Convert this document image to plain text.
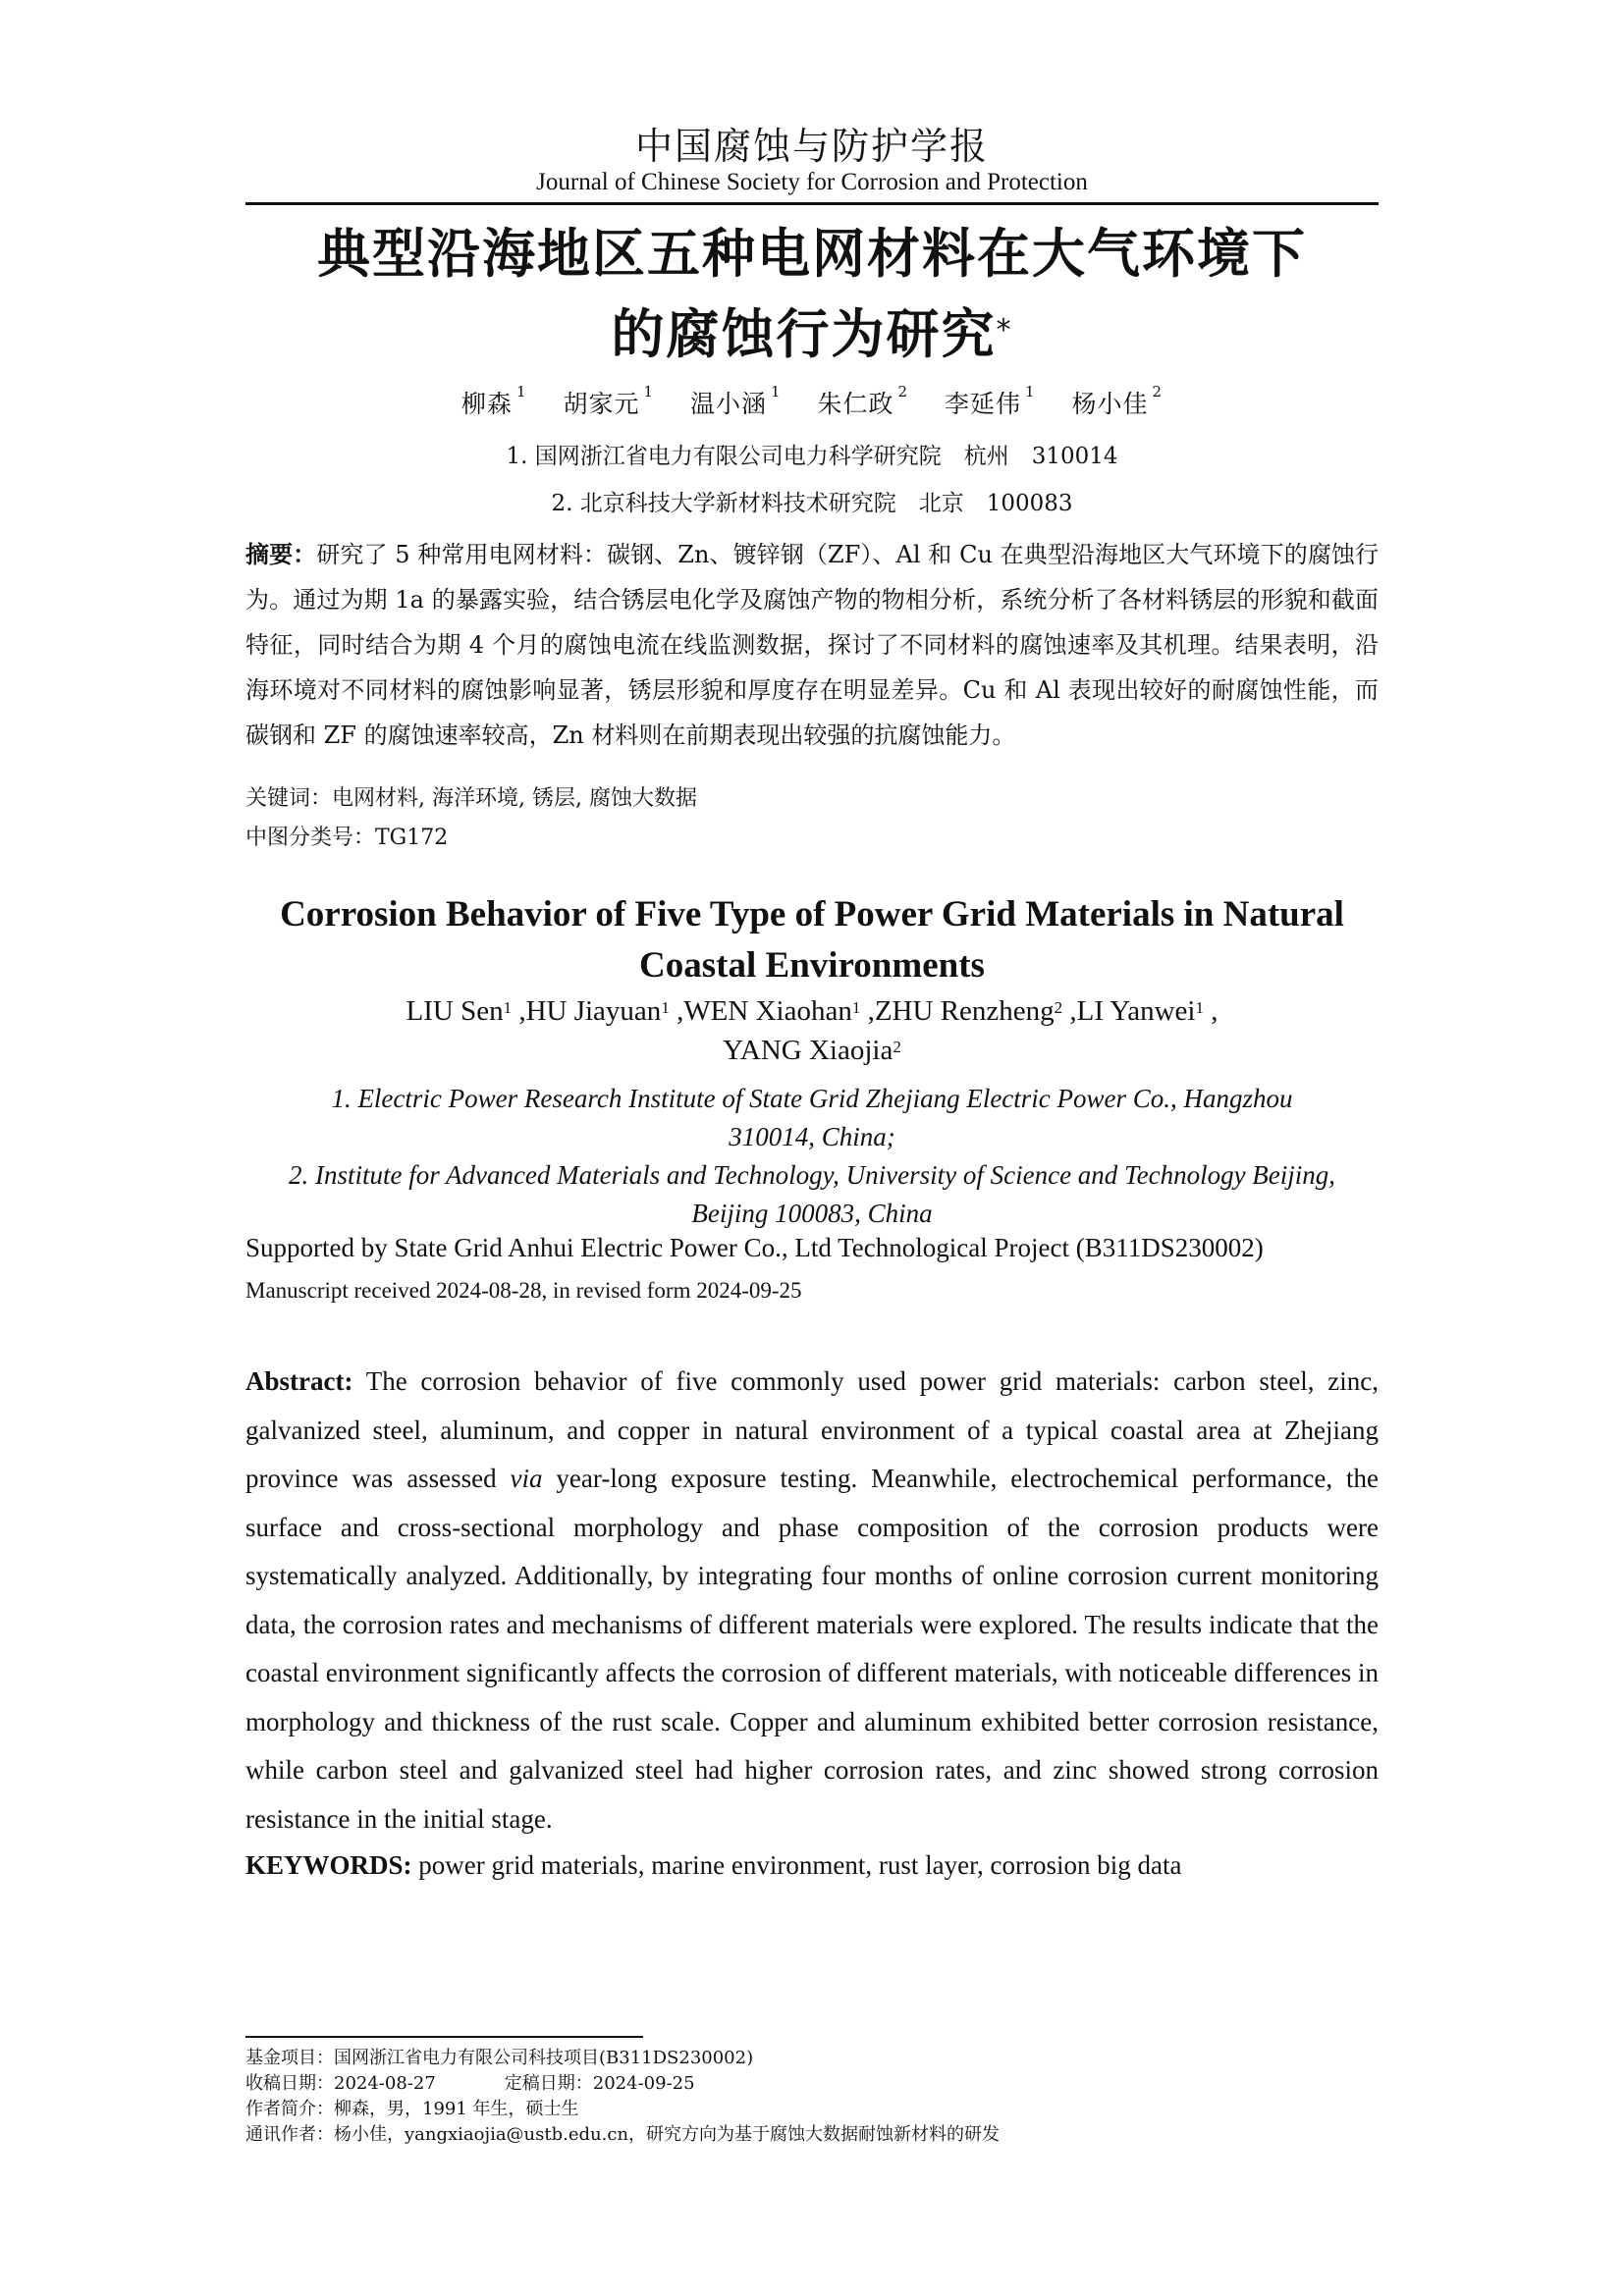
中国腐蚀与防护学报
Journal of Chinese Society for Corrosion and Protection
典型沿海地区五种电网材料在大气环境下
的腐蚀行为研究*
柳森 $^1$ 胡家元 $^1$ 温小涵 $^1$ 朱仁政 $^2$ 李延伟 $^1$ 杨小佳 $^2$
1. 国网浙江省电力有限公司电力科学研究院　杭州　310014
2. 北京科技大学新材料技术研究院　北京　100083
摘要：研究了 5 种常用电网材料：碳钢、Zn、镀锌钢（ZF）、Al 和 Cu 在典型沿海地区大气环境下的腐蚀行为。通过为期 1a 的暴露实验，结合锈层电化学及腐蚀产物的物相分析，系统分析了各材料锈层的形貌和截面特征，同时结合为期 4 个月的腐蚀电流在线监测数据，探讨了不同材料的腐蚀速率及其机理。结果表明，沿海环境对不同材料的腐蚀影响显著，锈层形貌和厚度存在明显差异。Cu 和 Al 表现出较好的耐腐蚀性能，而碳钢和 ZF 的腐蚀速率较高，Zn 材料则在前期表现出较强的抗腐蚀能力。
关键词：电网材料, 海洋环境, 锈层, 腐蚀大数据
中图分类号：TG172
Corrosion Behavior of Five Type of Power Grid Materials in Natural
Coastal Environments
LIU Sen$^1$ ,HU Jiayuan$^1$ ,WEN Xiaohan$^1$ ,ZHU Renzheng$^2$ ,LI Yanwei$^1$ ,
YANG Xiaojia$^2$
1. Electric Power Research Institute of State Grid Zhejiang Electric Power Co., Hangzhou
310014, China;
2. Institute for Advanced Materials and Technology, University of Science and Technology Beijing,
Beijing 100083, China
Supported by State Grid Anhui Electric Power Co., Ltd Technological Project (B311DS230002)
Manuscript received 2024-08-28, in revised form 2024-09-25
Abstract: The corrosion behavior of five commonly used power grid materials: carbon steel, zinc, galvanized steel, aluminum, and copper in natural environment of a typical coastal area at Zhejiang province was assessed via year-long exposure testing. Meanwhile, electrochemical performance, the surface and cross-sectional morphology and phase composition of the corrosion products were systematically analyzed. Additionally, by integrating four months of online corrosion current monitoring data, the corrosion rates and mechanisms of different materials were explored. The results indicate that the coastal environment significantly affects the corrosion of different materials, with noticeable differences in morphology and thickness of the rust scale. Copper and aluminum exhibited better corrosion resistance, while carbon steel and galvanized steel had higher corrosion rates, and zinc showed strong corrosion resistance in the initial stage.
KEYWORDS: power grid materials, marine environment, rust layer, corrosion big data
基金项目：国网浙江省电力有限公司科技项目(B311DS230002)
收稿日期：2024-08-27	定稿日期：2024-09-25
作者简介：柳森，男，1991 年生，硕士生
通讯作者：杨小佳，yangxiaojia@ustb.edu.cn，研究方向为基于腐蚀大数据耐蚀新材料的研发
